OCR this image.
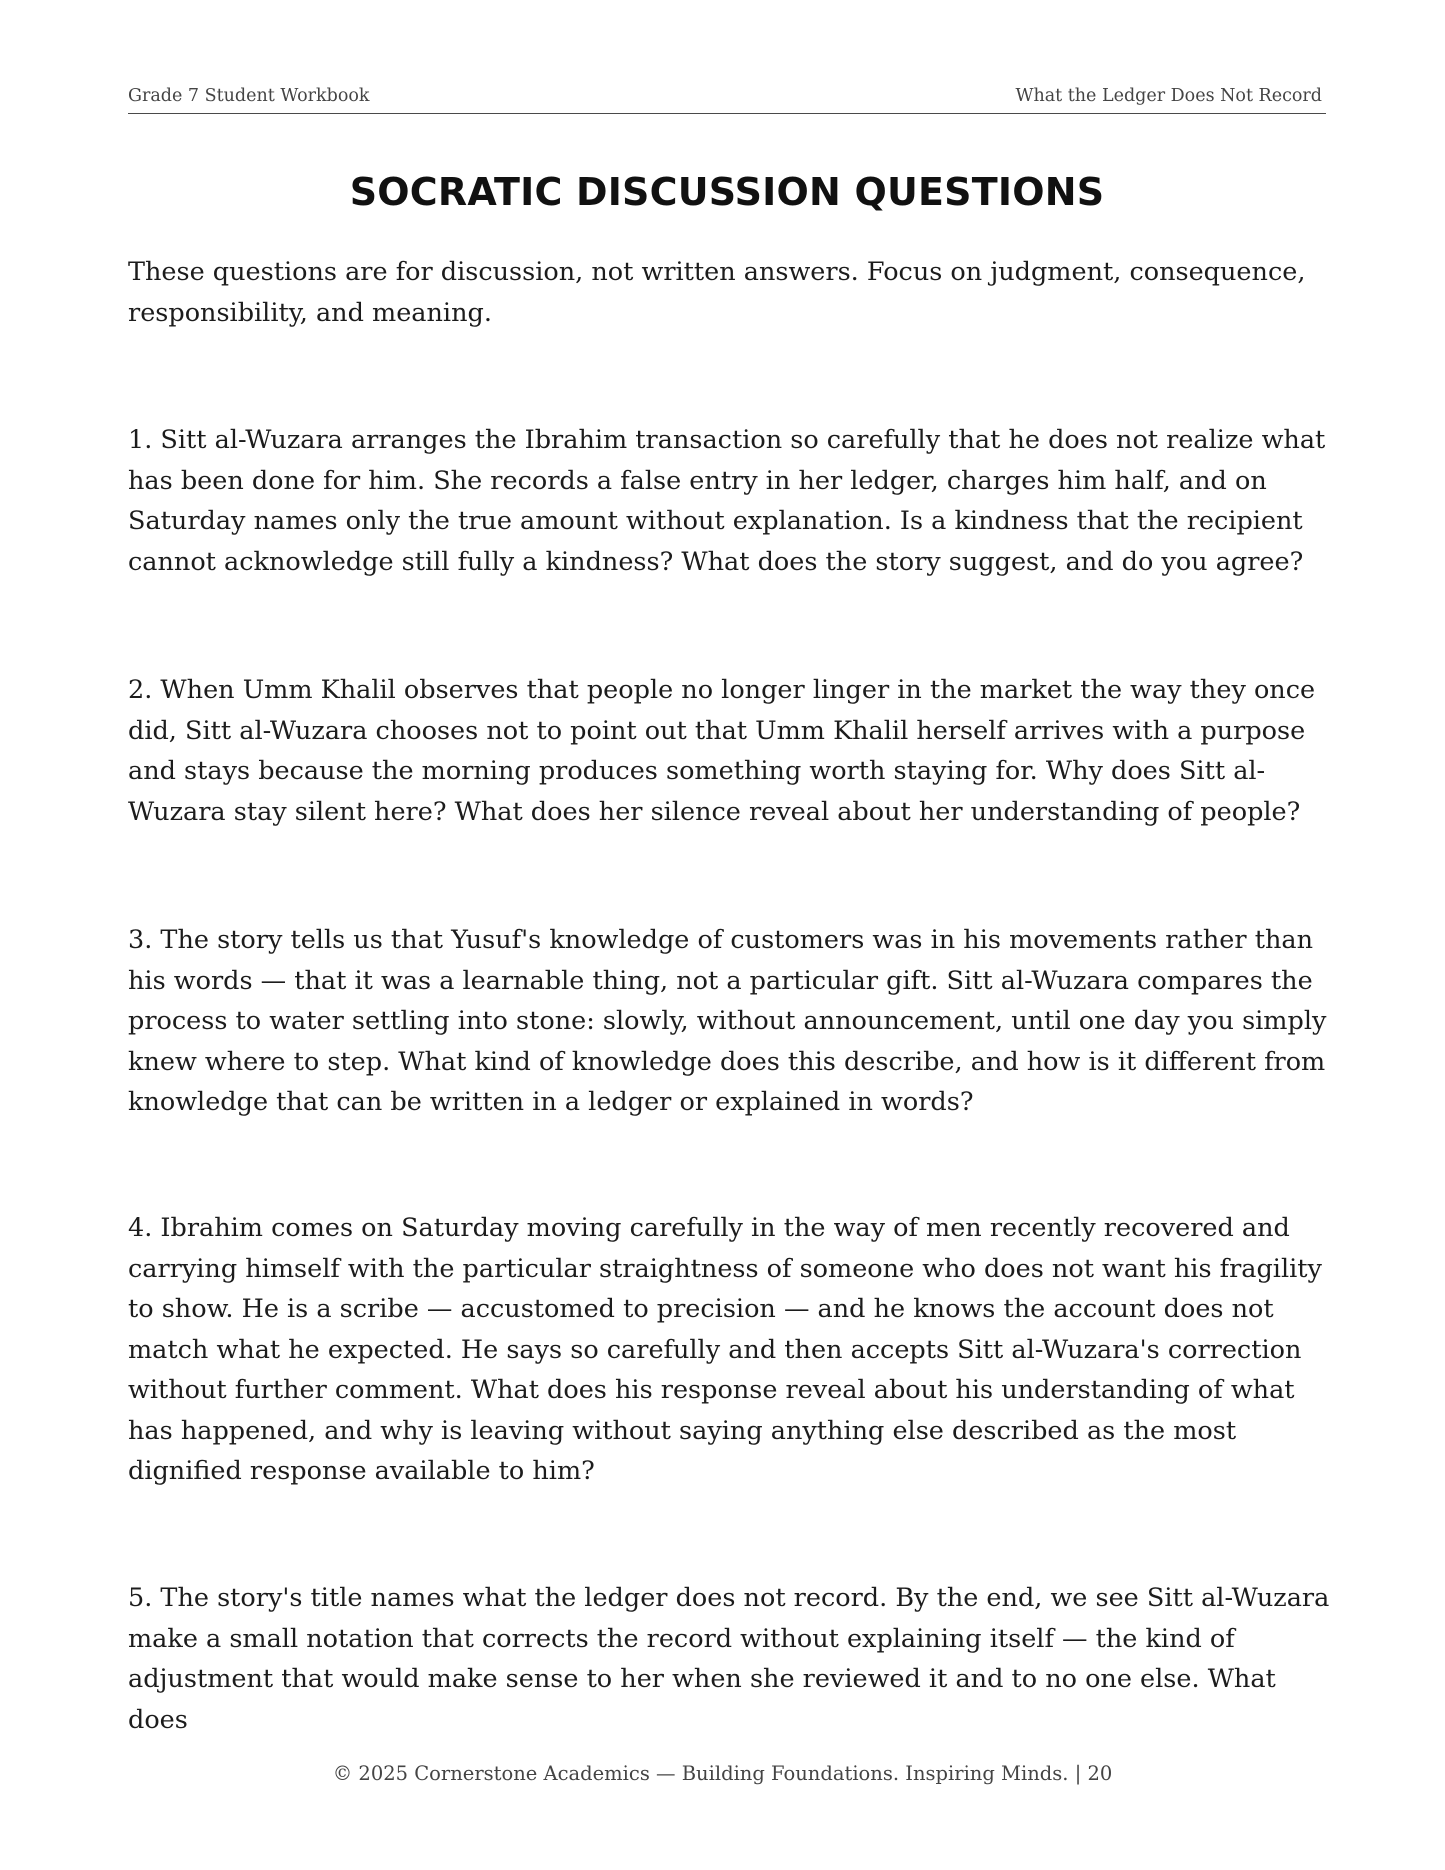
Grade 7 Student Workbook	What the Ledger Does Not Record
SOCRATIC DISCUSSION QUESTIONS

These questions are for discussion, not written answers. Focus on judgment, consequence, responsibility, and meaning.

1. Sitt al-Wuzara arranges the Ibrahim transaction so carefully that he does not realize what has been done for him. She records a false entry in her ledger, charges him half, and on Saturday names only the true amount without explanation. Is a kindness that the recipient cannot acknowledge still fully a kindness? What does the story suggest, and do you agree?

2. When Umm Khalil observes that people no longer linger in the market the way they once did, Sitt al-Wuzara chooses not to point out that Umm Khalil herself arrives with a purpose and stays because the morning produces something worth staying for. Why does Sitt al-Wuzara stay silent here? What does her silence reveal about her understanding of people?

3. The story tells us that Yusuf's knowledge of customers was in his movements rather than his words — that it was a learnable thing, not a particular gift. Sitt al-Wuzara compares the process to water settling into stone: slowly, without announcement, until one day you simply knew where to step. What kind of knowledge does this describe, and how is it different from knowledge that can be written in a ledger or explained in words?

4. Ibrahim comes on Saturday moving carefully in the way of men recently recovered and carrying himself with the particular straightness of someone who does not want his fragility to show. He is a scribe — accustomed to precision — and he knows the account does not match what he expected. He says so carefully and then accepts Sitt al-Wuzara's correction without further comment. What does his response reveal about his understanding of what has happened, and why is leaving without saying anything else described as the most dignified response available to him?

5. The story's title names what the ledger does not record. By the end, we see Sitt al-Wuzara make a small notation that corrects the record without explaining itself — the kind of adjustment that would make sense to her when she reviewed it and to no one else. What does

© 2025 Cornerstone Academics — Building Foundations. Inspiring Minds. | 20
